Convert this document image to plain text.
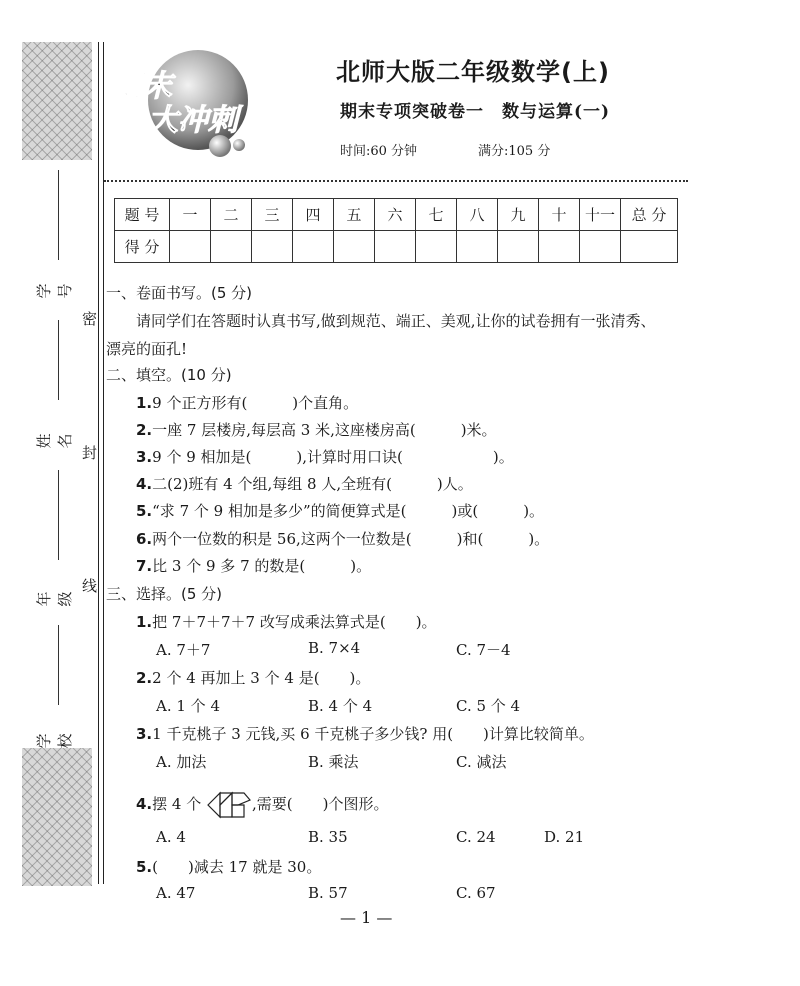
学号
姓名
年级
学校
密
封
线
期末
大冲刺
北师大版二年级数学(上)
期末专项突破卷一　数与运算(一)
时间:60 分钟	满分:105 分
题 号	一	二	三	四	五	六	七	八	九	十	十一	总 分
得 分												
一、卷面书写。(5 分)
请同学们在答题时认真书写,做到规范、端正、美观,让你的试卷拥有一张清秀、
漂亮的面孔!
二、填空。(10 分)
1.9 个正方形有(　　　)个直角。
2.一座 7 层楼房,每层高 3 米,这座楼房高(　　　)米。
3.9 个 9 相加是(　　　),计算时用口诀(　　　　　　)。
4.二(2)班有 4 个组,每组 8 人,全班有(　　　)人。
5.“求 7 个 9 相加是多少”的简便算式是(　　　)或(　　　)。
6.两个一位数的积是 56,这两个一位数是(　　　)和(　　　)。
7.比 3 个 9 多 7 的数是(　　　)。
三、选择。(5 分)
1.把 7＋7＋7＋7 改写成乘法算式是(　　)。
A. 7＋7	B. 7×4	C. 7－4
2.2 个 4 再加上 3 个 4 是(　　)。
A. 1 个 4	B. 4 个 4	C. 5 个 4
3.1 千克桃子 3 元钱,买 6 千克桃子多少钱? 用(　　)计算比较简单。
A. 加法	B. 乘法	C. 减法
4.摆 4 个	,需要(　　)个图形。
A. 4	B. 35	C. 24	D. 21
5.(　　)减去 17 就是 30。
A. 47	B. 57	C. 67
— 1 —
